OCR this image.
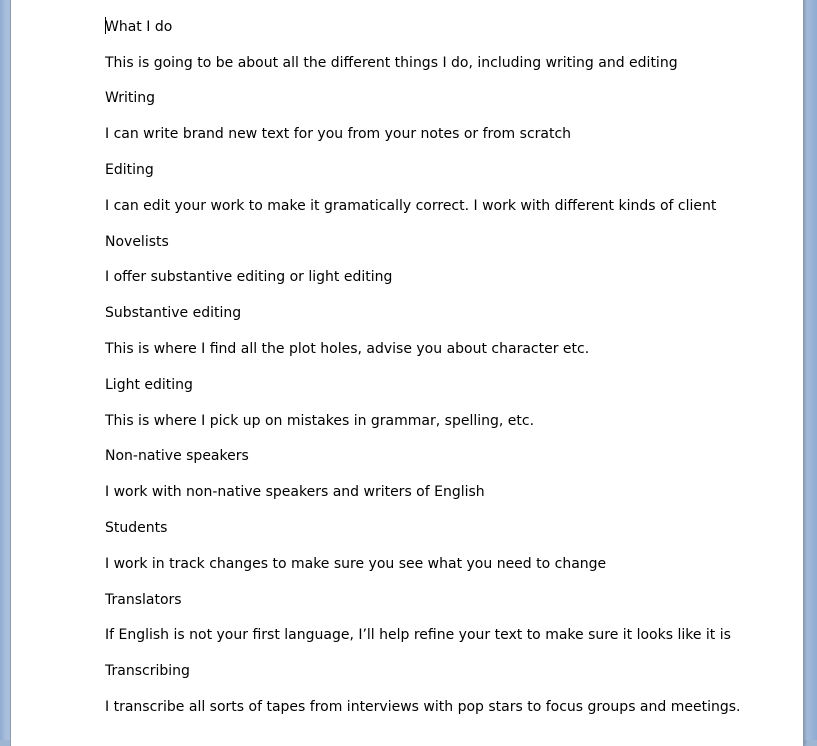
What I do

This is going to be about all the different things I do, including writing and editing

Writing

I can write brand new text for you from your notes or from scratch

Editing

I can edit your work to make it gramatically correct. I work with different kinds of client

Novelists

I offer substantive editing or light editing

Substantive editing

This is where I find all the plot holes, advise you about character etc.

Light editing

This is where I pick up on mistakes in grammar, spelling, etc.

Non-native speakers

I work with non-native speakers and writers of English

Students

I work in track changes to make sure you see what you need to change

Translators

If English is not your first language, I’ll help refine your text to make sure it looks like it is

Transcribing

I transcribe all sorts of tapes from interviews with pop stars to focus groups and meetings.
